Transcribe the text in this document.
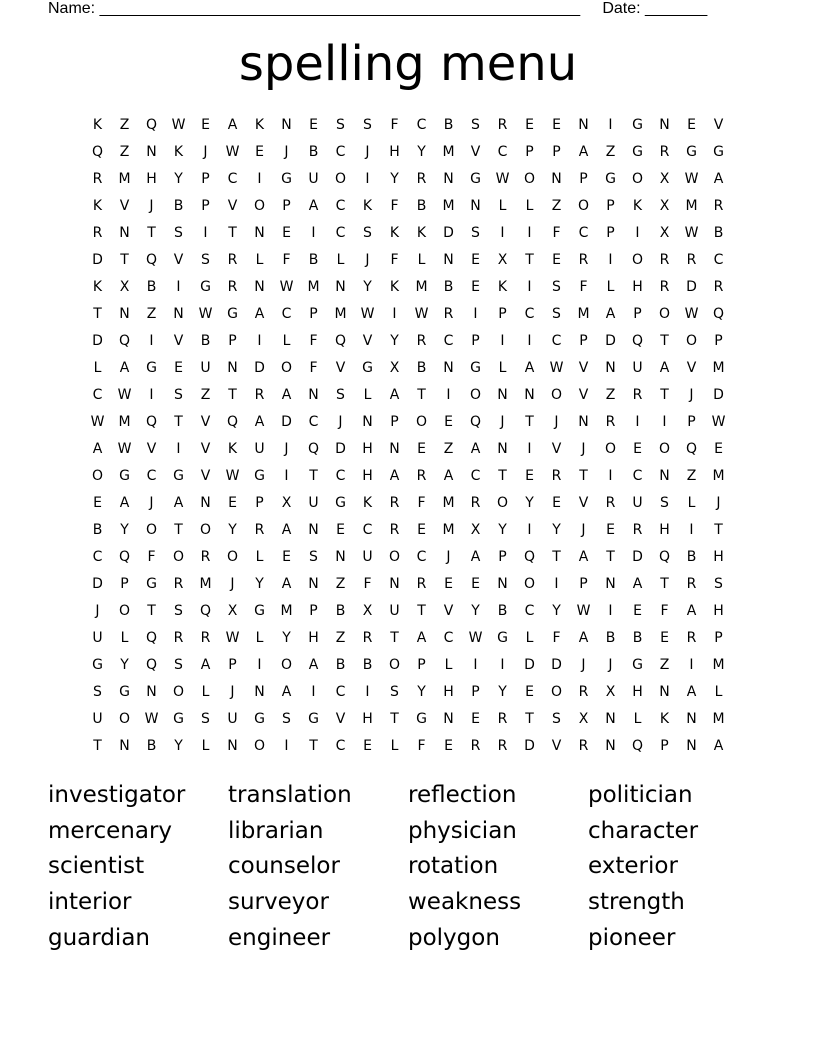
Name: ______________________________________________________     Date: _______
spelling menu
K	Z	Q	W	E	A	K	N	E	S	S	F	C	B	S	R	E	E	N	I	G	N	E	V
Q	Z	N	K	J	W	E	J	B	C	J	H	Y	M	V	C	P	P	A	Z	G	R	G	G
R	M	H	Y	P	C	I	G	U	O	I	Y	R	N	G	W	O	N	P	G	O	X	W	A
K	V	J	B	P	V	O	P	A	C	K	F	B	M	N	L	L	Z	O	P	K	X	M	R
R	N	T	S	I	T	N	E	I	C	S	K	K	D	S	I	I	F	C	P	I	X	W	B
D	T	Q	V	S	R	L	F	B	L	J	F	L	N	E	X	T	E	R	I	O	R	R	C
K	X	B	I	G	R	N	W	M	N	Y	K	M	B	E	K	I	S	F	L	H	R	D	R
T	N	Z	N	W	G	A	C	P	M	W	I	W	R	I	P	C	S	M	A	P	O	W	Q
D	Q	I	V	B	P	I	L	F	Q	V	Y	R	C	P	I	I	C	P	D	Q	T	O	P
L	A	G	E	U	N	D	O	F	V	G	X	B	N	G	L	A	W	V	N	U	A	V	M
C	W	I	S	Z	T	R	A	N	S	L	A	T	I	O	N	N	O	V	Z	R	T	J	D
W	M	Q	T	V	Q	A	D	C	J	N	P	O	E	Q	J	T	J	N	R	I	I	P	W
A	W	V	I	V	K	U	J	Q	D	H	N	E	Z	A	N	I	V	J	O	E	O	Q	E
O	G	C	G	V	W	G	I	T	C	H	A	R	A	C	T	E	R	T	I	C	N	Z	M
E	A	J	A	N	E	P	X	U	G	K	R	F	M	R	O	Y	E	V	R	U	S	L	J
B	Y	O	T	O	Y	R	A	N	E	C	R	E	M	X	Y	I	Y	J	E	R	H	I	T
C	Q	F	O	R	O	L	E	S	N	U	O	C	J	A	P	Q	T	A	T	D	Q	B	H
D	P	G	R	M	J	Y	A	N	Z	F	N	R	E	E	N	O	I	P	N	A	T	R	S
J	O	T	S	Q	X	G	M	P	B	X	U	T	V	Y	B	C	Y	W	I	E	F	A	H
U	L	Q	R	R	W	L	Y	H	Z	R	T	A	C	W	G	L	F	A	B	B	E	R	P
G	Y	Q	S	A	P	I	O	A	B	B	O	P	L	I	I	D	D	J	J	G	Z	I	M
S	G	N	O	L	J	N	A	I	C	I	S	Y	H	P	Y	E	O	R	X	H	N	A	L
U	O	W	G	S	U	G	S	G	V	H	T	G	N	E	R	T	S	X	N	L	K	N	M
T	N	B	Y	L	N	O	I	T	C	E	L	F	E	R	R	D	V	R	N	Q	P	N	A
investigator	translation	reflection	politician
mercenary	librarian	physician	character
scientist	counselor	rotation	exterior
interior	surveyor	weakness	strength
guardian	engineer	polygon	pioneer
